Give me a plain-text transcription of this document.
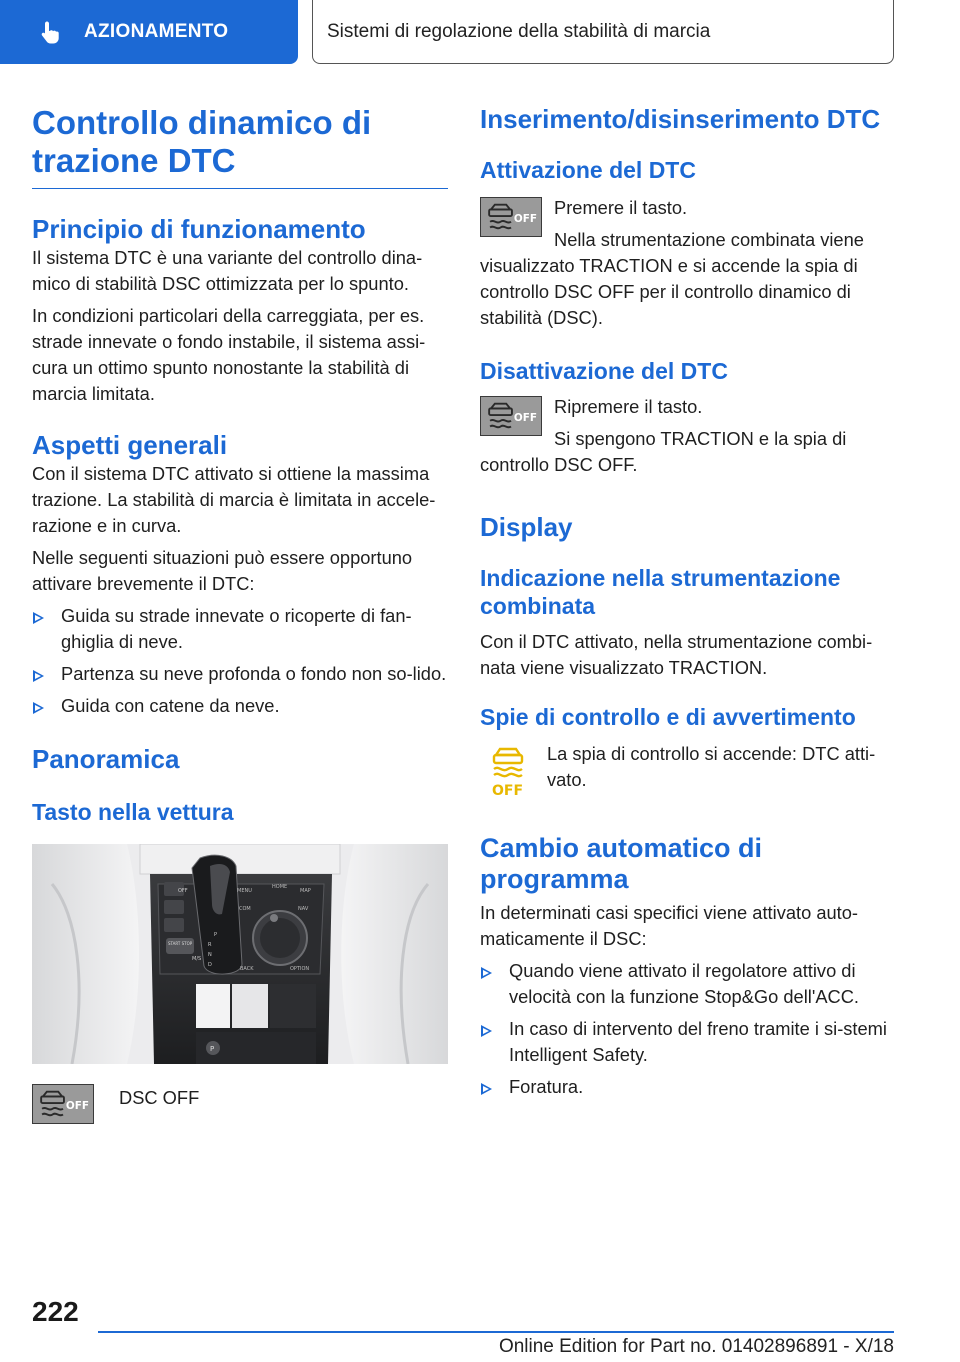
AZIONAMENTO	Sistemi di regolazione della stabilità di marcia
Controllo dinamico di trazione DTC
Principio di funzionamento

Il sistema DTC è una variante del controllo dina-mico di stabilità DSC ottimizzata per lo spunto.

In condizioni particolari della carreggiata, per es. strade innevate o fondo instabile, il sistema assi-cura un ottimo spunto nonostante la stabilità di marcia limitata.

Aspetti generali

Con il sistema DTC attivato si ottiene la massima trazione. La stabilità di marcia è limitata in accele-razione e in curva.

Nelle seguenti situazioni può essere opportuno attivare brevemente il DTC:

Guida su strade innevate o ricoperte di fan-ghiglia di neve.
Partenza su neve profonda o fondo non so-lido.
Guida con catene da neve.
Panoramica
Tasto nella vettura
MENU
HOME
MAP
COM	NAV
BACK	OPTION
OFF
START STOP	R
N
D
M/S
P
P
OFF DSC OFF

Inserimento/disinserimento DTC
Attivazione del DTC
OFF

Premere il tasto.

Nella strumentazione combinata viene visualizzato TRACTION e si accende la spia di controllo DSC OFF per il controllo dinamico di stabilità (DSC).

Disattivazione del DTC
OFF

Ripremere il tasto.

Si spengono TRACTION e la spia di controllo DSC OFF.

Display
Indicazione nella strumentazione combinata

Con il DTC attivato, nella strumentazione combi-nata viene visualizzato TRACTION.

Spie di controllo e di avvertimento
OFF

La spia di controllo si accende: DTC atti-vato.

Cambio automatico di programma

In determinati casi specifici viene attivato auto-maticamente il DSC:

Quando viene attivato il regolatore attivo di velocità con la funzione Stop&Go dell'ACC.
In caso di intervento del freno tramite i si-stemi Intelligent Safety.
Foratura.
222
Online Edition for Part no. 01402896891 - X/18
